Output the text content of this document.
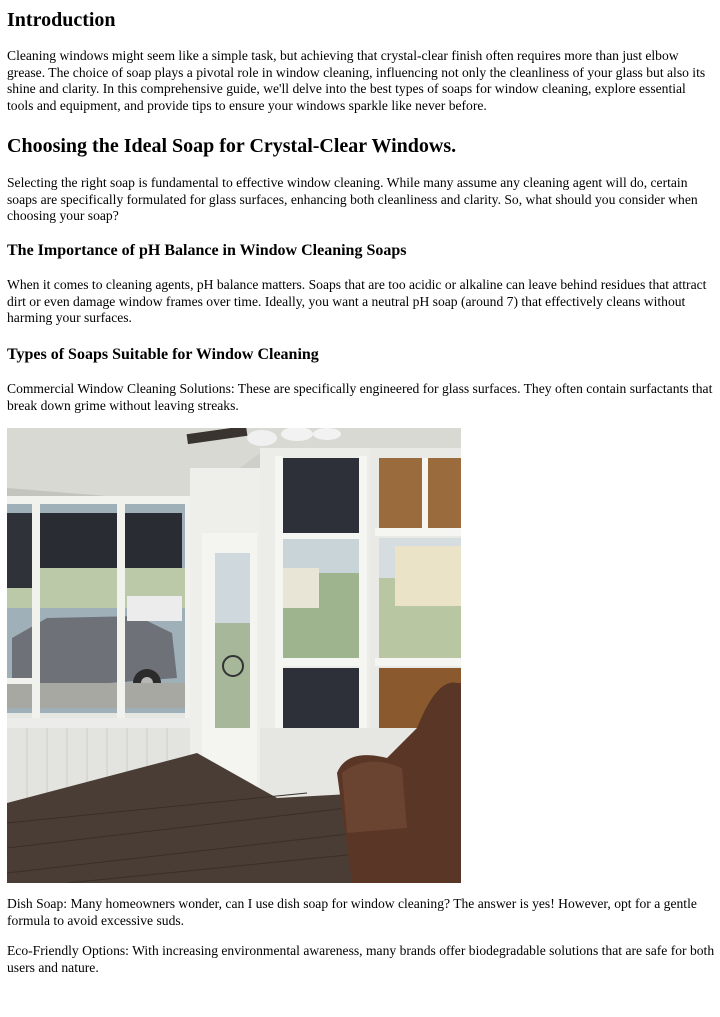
Introduction

Cleaning windows might seem like a simple task, but achieving that crystal-clear finish often requires more than just elbow grease. The choice of soap plays a pivotal role in window cleaning, influencing not only the cleanliness of your glass but also its shine and clarity. In this comprehensive guide, we'll delve into the best types of soaps for window cleaning, explore essential tools and equipment, and provide tips to ensure your windows sparkle like never before.

Choosing the Ideal Soap for Crystal-Clear Windows.

Selecting the right soap is fundamental to effective window cleaning. While many assume any cleaning agent will do, certain soaps are specifically formulated for glass surfaces, enhancing both cleanliness and clarity. So, what should you consider when choosing your soap?

The Importance of pH Balance in Window Cleaning Soaps

When it comes to cleaning agents, pH balance matters. Soaps that are too acidic or alkaline can leave behind residues that attract dirt or even damage window frames over time. Ideally, you want a neutral pH soap (around 7) that effectively cleans without harming your surfaces.

Types of Soaps Suitable for Window Cleaning

Commercial Window Cleaning Solutions: These are specifically engineered for glass surfaces. They often contain surfactants that break down grime without leaving streaks.

Dish Soap: Many homeowners wonder, can I use dish soap for window cleaning? The answer is yes! However, opt for a gentle formula to avoid excessive suds.

Eco-Friendly Options: With increasing environmental awareness, many brands offer biodegradable solutions that are safe for both users and nature.
